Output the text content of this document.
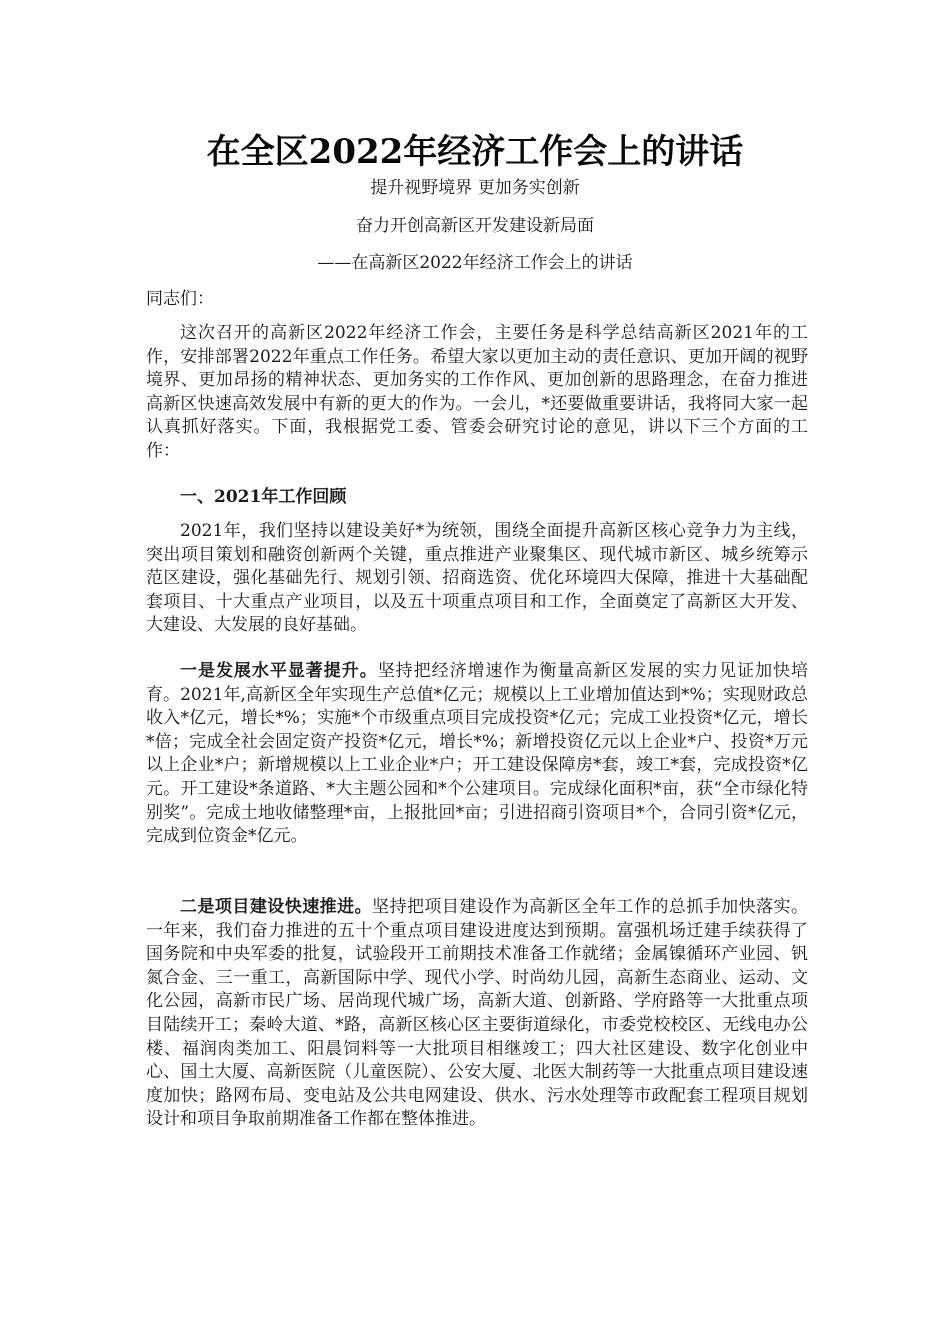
在全区2022年经济工作会上的讲话
提升视野境界 更加务实创新
奋力开创高新区开发建设新局面
——在高新区2022年经济工作会上的讲话

同志们：

这次召开的高新区2022年经济工作会，主要任务是科学总结高新区2021年的工作，安排部署2022年重点工作任务。希望大家以更加主动的责任意识、更加开阔的视野境界、更加昂扬的精神状态、更加务实的工作作风、更加创新的思路理念，在奋力推进高新区快速高效发展中有新的更大的作为。一会儿，*还要做重要讲话，我将同大家一起认真抓好落实。下面，我根据党工委、管委会研究讨论的意见，讲以下三个方面的工作：

一、2021年工作回顾

2021年，我们坚持以建设美好*为统领，围绕全面提升高新区核心竞争力为主线，突出项目策划和融资创新两个关键，重点推进产业聚集区、现代城市新区、城乡统筹示范区建设，强化基础先行、规划引领、招商选资、优化环境四大保障，推进十大基础配套项目、十大重点产业项目，以及五十项重点项目和工作，全面奠定了高新区大开发、大建设、大发展的良好基础。

一是发展水平显著提升。坚持把经济增速作为衡量高新区发展的实力见证加快培育。2021年,高新区全年实现生产总值*亿元；规模以上工业增加值达到*%；实现财政总收入*亿元，增长*%；实施*个市级重点项目完成投资*亿元；完成工业投资*亿元，增长*倍；完成全社会固定资产投资*亿元，增长*%；新增投资亿元以上企业*户、投资*万元以上企业*户；新增规模以上工业企业*户；开工建设保障房*套，竣工*套，完成投资*亿元。开工建设*条道路、*大主题公园和*个公建项目。完成绿化面积*亩，获“全市绿化特别奖”。完成土地收储整理*亩，上报批回*亩；引进招商引资项目*个，合同引资*亿元，完成到位资金*亿元。

二是项目建设快速推进。坚持把项目建设作为高新区全年工作的总抓手加快落实。一年来，我们奋力推进的五十个重点项目建设进度达到预期。富强机场迁建手续获得了国务院和中央军委的批复，试验段开工前期技术准备工作就绪；金属镍循环产业园、钒氮合金、三一重工，高新国际中学、现代小学、时尚幼儿园，高新生态商业、运动、文化公园，高新市民广场、居尚现代城广场，高新大道、创新路、学府路等一大批重点项目陆续开工；秦岭大道、*路，高新区核心区主要街道绿化，市委党校校区、无线电办公楼、福润肉类加工、阳晨饲料等一大批项目相继竣工；四大社区建设、数字化创业中心、国土大厦、高新医院（儿童医院）、公安大厦、北医大制药等一大批重点项目建设速度加快；路网布局、变电站及公共电网建设、供水、污水处理等市政配套工程项目规划设计和项目争取前期准备工作都在整体推进。
